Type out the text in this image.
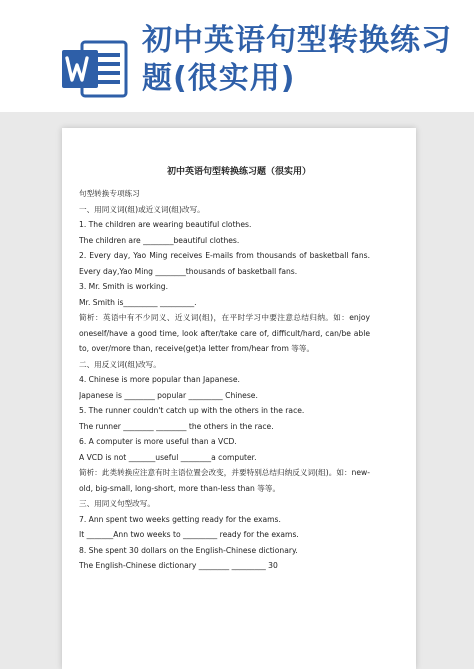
初中英语句型转换练习题(很实用)
初中英语句型转换练习题（很实用）
句型转换专项练习
一、用同义词(组)或近义词(组)改写。
1. The children are wearing beautiful clothes.
The children are ________beautiful clothes.
2. Every day, Yao Ming receives E-mails from thousands of basketball fans. Every day,Yao Ming ________thousands of basketball fans.
3. Mr. Smith is working.
Mr. Smith is_________ _________.
简析：英语中有不少同义、近义词(组)，在平时学习中要注意总结归纳。如：enjoy oneself/have a good time, look after/take care of, difficult/hard, can/be able to, over/more than, receive(get)a letter from/hear from 等等。
二、用反义词(组)改写。
4. Chinese is more popular than Japanese.
Japanese is ________ popular _________ Chinese.
5. The runner couldn't catch up with the others in the race.
The runner ________ ________ the others in the race.
6. A computer is more useful than a VCD.
A VCD is not _______useful ________a computer.
简析：此类转换应注意有时主语位置会改变，并要特别总结归纳反义词(组)。如：new-old, big-small, long-short, more than-less than 等等。
三、用同义句型改写。
7. Ann spent two weeks getting ready for the exams.
It _______Ann two weeks to _________ ready for the exams.
8. She spent 30 dollars on the English-Chinese dictionary.
The English-Chinese dictionary ________ _________ 30
